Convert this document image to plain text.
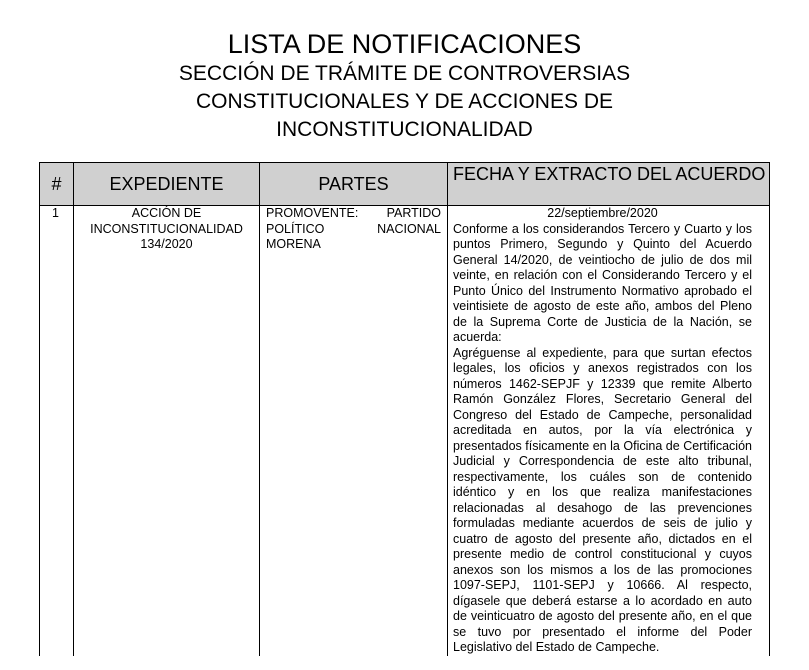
LISTA DE NOTIFICACIONES

SECCIÓN DE TRÁMITE DE CONTROVERSIAS

CONSTITUCIONALES Y DE ACCIONES DE

INCONSTITUCIONALIDAD

#	EXPEDIENTE	PARTES	FECHA Y EXTRACTO DEL ACUERDO
1	ACCIÓN DE INCONSTITUCIONALIDAD 134/2020	PROMOVENTE: PARTIDO POLÍTICO NACIONAL MORENA	22/septiembre/2020
Conforme a los considerandos Tercero y Cuarto y los puntos Primero, Segundo y Quinto del Acuerdo General 14/2020, de veintiocho de julio de dos mil veinte, en relación con el Considerando Tercero y el Punto Único del Instrumento Normativo aprobado el veintisiete de agosto de este año, ambos del Pleno de la Suprema Corte de Justicia de la Nación, se acuerda:
Agréguense al expediente, para que surtan efectos legales, los oficios y anexos registrados con los números 1462-SEPJF y 12339 que remite Alberto Ramón González Flores, Secretario General del Congreso del Estado de Campeche, personalidad acreditada en autos, por la vía electrónica y presentados físicamente en la Oficina de Certificación Judicial y Correspondencia de este alto tribunal, respectivamente, los cuáles son de contenido idéntico y en los que realiza manifestaciones relacionadas al desahogo de las prevenciones formuladas mediante acuerdos de seis de julio y cuatro de agosto del presente año, dictados en el presente medio de control constitucional y cuyos anexos son los mismos a los de las promociones 1097-SEPJ, 1101-SEPJ y 10666. Al respecto, dígasele que deberá estarse a lo acordado en auto de veinticuatro de agosto del presente año, en el que se tuvo por presentado el informe del Poder Legislativo del Estado de Campeche.
